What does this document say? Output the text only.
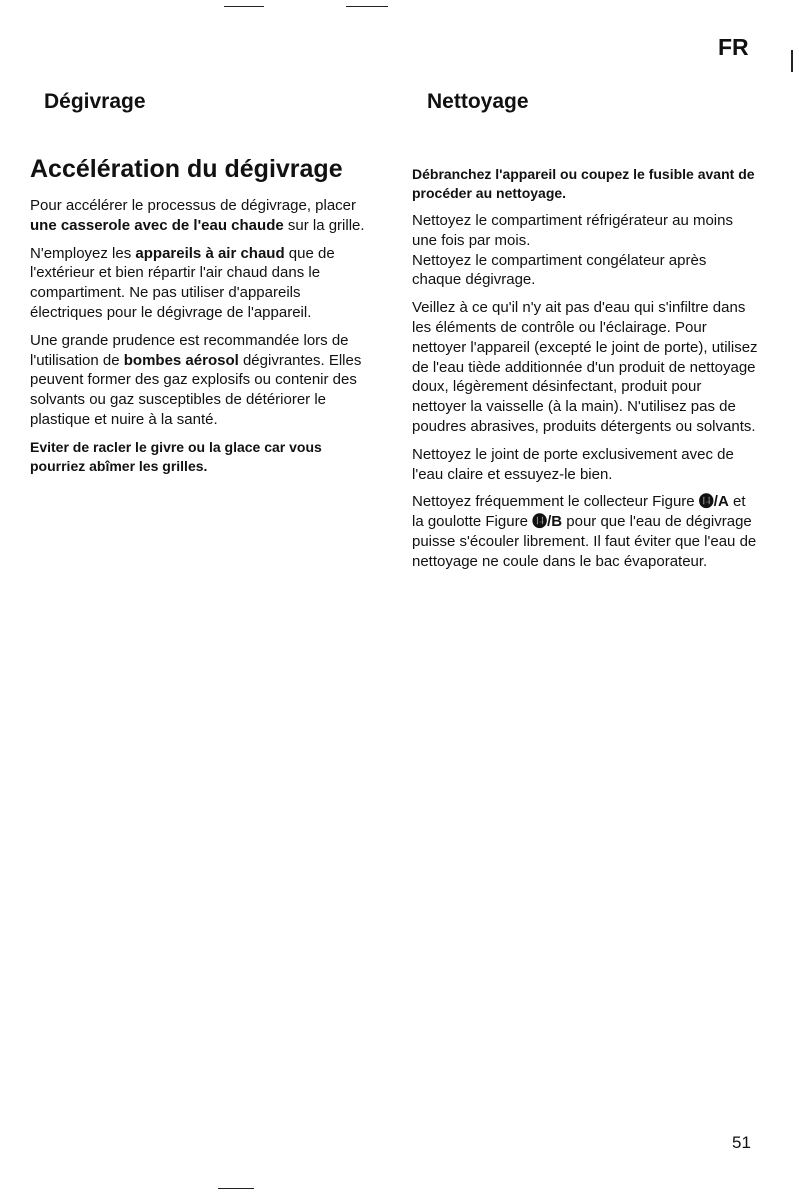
FR
Dégivrage	Nettoyage
Accélération du dégivrage

Pour accélérer le processus de dégivrage, placer une casserole avec de l'eau chaude sur la grille.

N'employez les appareils à air chaud que de l'extérieur et bien répartir l'air chaud dans le compartiment. Ne pas utiliser d'appareils électriques pour le dégivrage de l'appareil.

Une grande prudence est recommandée lors de l'utilisation de bombes aérosol dégivrantes. Elles peuvent former des gaz explosifs ou contenir des solvants ou gaz susceptibles de détériorer le plastique et nuire à la santé.

Eviter de racler le givre ou la glace car vous pourriez abîmer les grilles.

Débranchez l'appareil ou coupez le fusible avant de procéder au nettoyage.

Nettoyez le compartiment réfrigérateur au moins une fois par mois.

Nettoyez le compartiment congélateur après chaque dégivrage.

Veillez à ce qu'il n'y ait pas d'eau qui s'infiltre dans les éléments de contrôle ou l'éclairage. Pour nettoyer l'appareil (excepté le joint de porte), utilisez de l'eau tiède additionnée d'un produit de nettoyage doux, légèrement désinfectant, produit pour nettoyer la vaisselle (à la main). N'utilisez pas de poudres abrasives, produits détergents ou solvants.

Nettoyez le joint de porte exclusivement avec de l'eau claire et essuyez-le bien.

Nettoyez fréquemment le collecteur Figure ⓮/A et la goulotte Figure ⓮/B pour que l'eau de dégivrage puisse s'écouler librement. Il faut éviter que l'eau de nettoyage ne coule dans le bac évaporateur.

51
